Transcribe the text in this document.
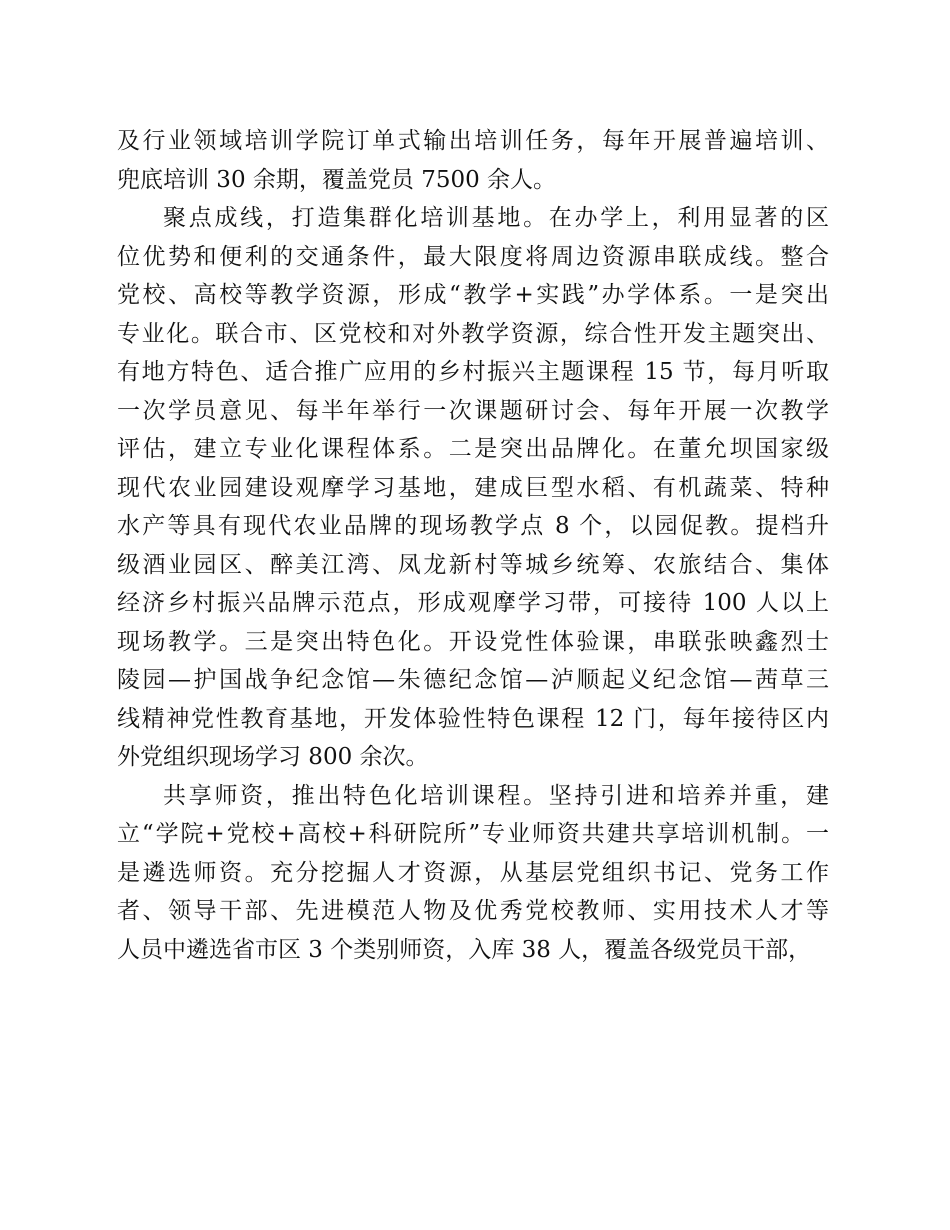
及行业领域培训学院订单式输出培训任务，每年开展普遍培训、
兜底培训 30 余期，覆盖党员 7500 余人。
聚点成线，打造集群化培训基地。在办学上，利用显著的区
位优势和便利的交通条件，最大限度将周边资源串联成线。整合
党校、高校等教学资源，形成“教学+实践”办学体系。一是突出
专业化。联合市、区党校和对外教学资源，综合性开发主题突出、
有地方特色、适合推广应用的乡村振兴主题课程 15 节，每月听取
一次学员意见、每半年举行一次课题研讨会、每年开展一次教学
评估，建立专业化课程体系。二是突出品牌化。在董允坝国家级
现代农业园建设观摩学习基地，建成巨型水稻、有机蔬菜、特种
水产等具有现代农业品牌的现场教学点 8 个，以园促教。提档升
级酒业园区、醉美江湾、凤龙新村等城乡统筹、农旅结合、集体
经济乡村振兴品牌示范点，形成观摩学习带，可接待 100 人以上
现场教学。三是突出特色化。开设党性体验课，串联张映鑫烈士
陵园—护国战争纪念馆—朱德纪念馆—泸顺起义纪念馆—茜草三
线精神党性教育基地，开发体验性特色课程 12 门，每年接待区内
外党组织现场学习 800 余次。
共享师资，推出特色化培训课程。坚持引进和培养并重，建
立“学院+党校+高校+科研院所”专业师资共建共享培训机制。一
是遴选师资。充分挖掘人才资源，从基层党组织书记、党务工作
者、领导干部、先进模范人物及优秀党校教师、实用技术人才等
人员中遴选省市区 3 个类别师资，入库 38 人，覆盖各级党员干部，
